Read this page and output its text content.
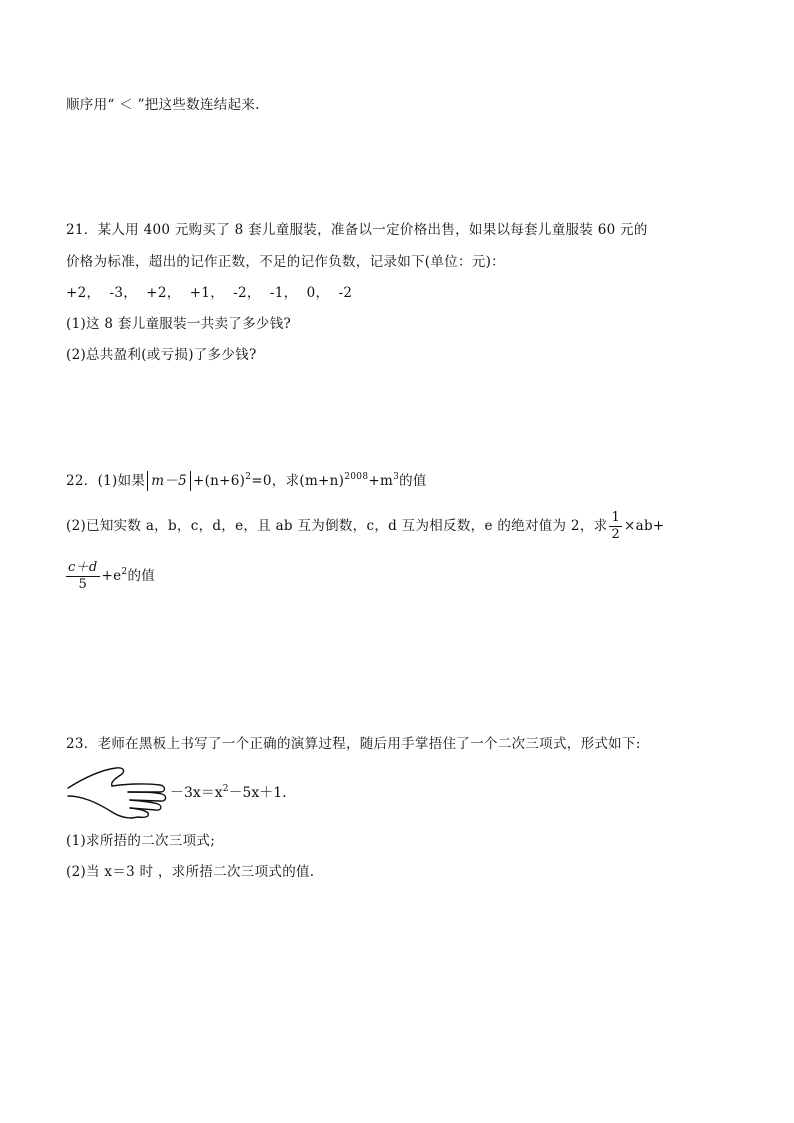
顺序用“ ＜ ”把这些数连结起来.
21．某人用 400 元购买了 8 套儿童服装，准备以一定价格出售，如果以每套儿童服装 60 元的
价格为标准，超出的记作正数，不足的记作负数，记录如下(单位：元)：
+2，  -3，  +2，  +1，  -2，  -1，  0，  -2
(1)这 8 套儿童服装一共卖了多少钱?
(2)总共盈利(或亏损)了多少钱?
22．(1)如果 $m-5 +(n+6)^2=0$，求$(m+n)^{2008}+m^3$的值
(2)已知实数 a，b，c，d，e，且 ab 互为倒数，c，d 互为相反数，e 的绝对值为 2，求 $\frac{1}{2} \times ab+$
$\frac{c+d}{5} +e^2$的值
23．老师在黑板上书写了一个正确的演算过程，随后用手掌捂住了一个二次三项式，形式如下:
$-3x=x^2-5x+1$.
(1)求所捂的二次三项式;
(2)当 x＝3 时 ，求所捂二次三项式的值.
